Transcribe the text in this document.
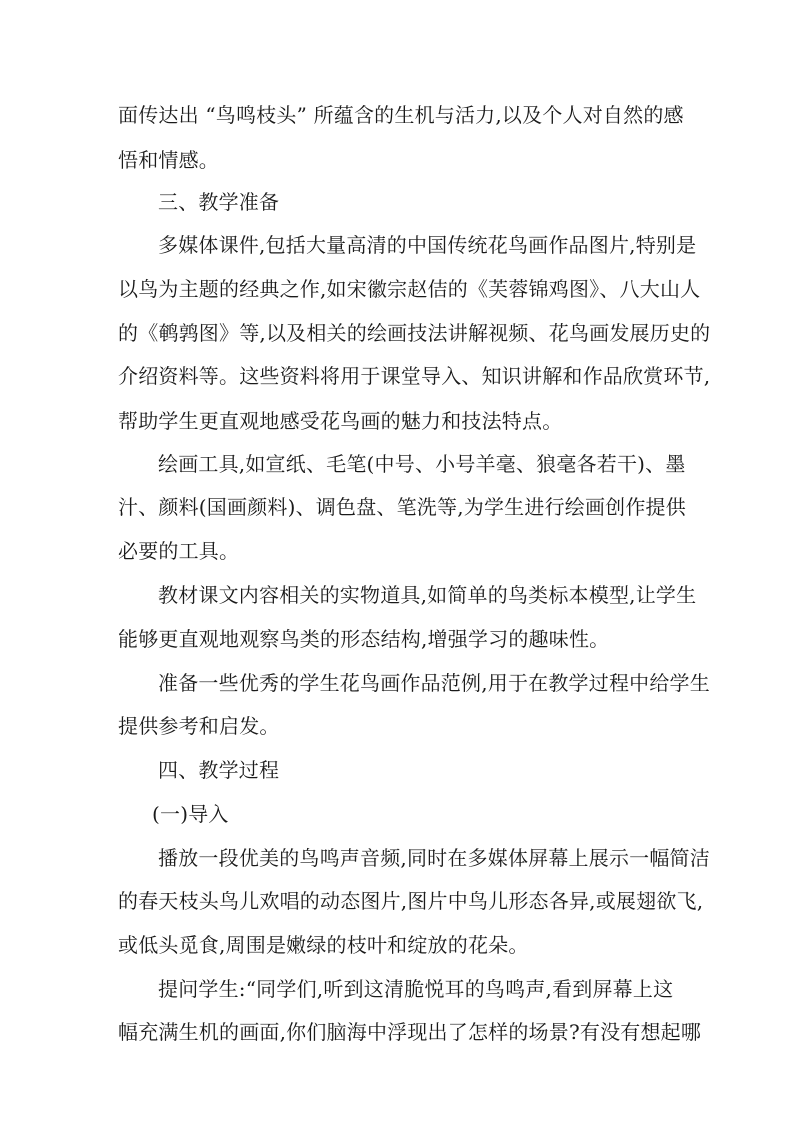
面传达出 “鸟鸣枝头” 所蕴含的生机与活力,以及个人对自然的感
悟和情感。
三、教学准备
多媒体课件,包括大量高清的中国传统花鸟画作品图片,特别是
以鸟为主题的经典之作,如宋徽宗赵佶的《芙蓉锦鸡图》、八大山人
的《鹌鹑图》等,以及相关的绘画技法讲解视频、花鸟画发展历史的
介绍资料等。这些资料将用于课堂导入、知识讲解和作品欣赏环节,
帮助学生更直观地感受花鸟画的魅力和技法特点。
绘画工具,如宣纸、毛笔(中号、小号羊毫、狼毫各若干)、墨
汁、颜料(国画颜料)、调色盘、笔洗等,为学生进行绘画创作提供
必要的工具。
教材课文内容相关的实物道具,如简单的鸟类标本模型,让学生
能够更直观地观察鸟类的形态结构,增强学习的趣味性。
准备一些优秀的学生花鸟画作品范例,用于在教学过程中给学生
提供参考和启发。
四、教学过程
(一)导入
播放一段优美的鸟鸣声音频,同时在多媒体屏幕上展示一幅简洁
的春天枝头鸟儿欢唱的动态图片,图片中鸟儿形态各异,或展翅欲飞,
或低头觅食,周围是嫩绿的枝叶和绽放的花朵。
提问学生:“同学们,听到这清脆悦耳的鸟鸣声,看到屏幕上这
幅充满生机的画面,你们脑海中浮现出了怎样的场景?有没有想起哪
